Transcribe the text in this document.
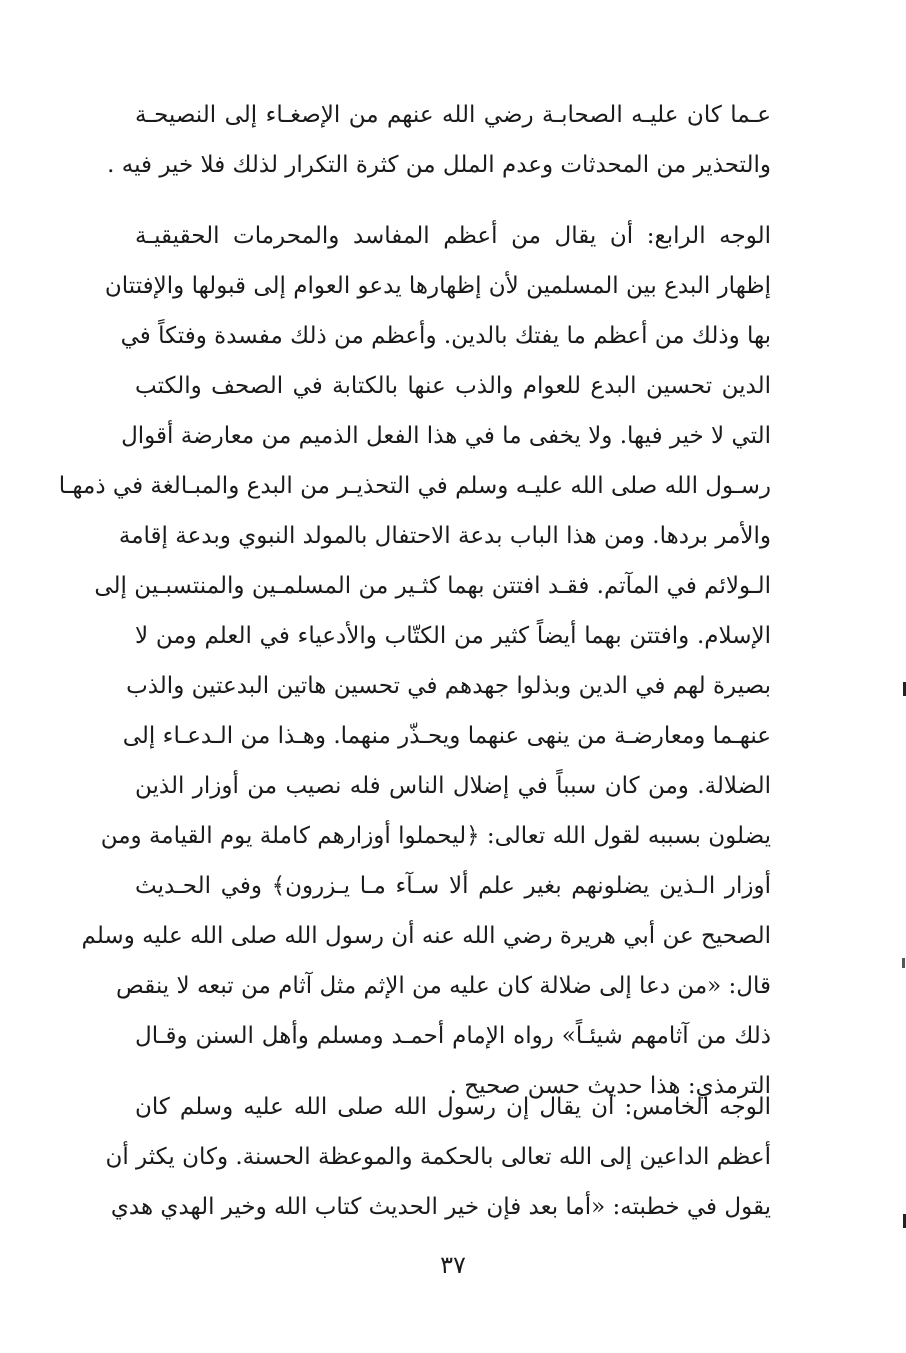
عـما كان عليـه الصحابـة رضي الله عنهم من الإصغـاء إلى النصيحـة
والتحذير من المحدثات وعدم الملل من كثرة التكرار لذلك فلا خير فيه .
الوجه الرابع: أن يقال من أعظم المفاسد والمحرمات الحقيقيـة
إظهار البدع بين المسلمين لأن إظهارها يدعو العوام إلى قبولها والإفتتان
بها وذلك من أعظم ما يفتك بالدين. وأعظم من ذلك مفسدة وفتكاً في
الدين تحسين البدع للعوام والذب عنها بالكتابة في الصحف والكتب
التي لا خير فيها. ولا يخفى ما في هذا الفعل الذميم من معارضة أقوال
رسـول الله صلى الله عليـه وسلم في التحذيـر من البدع والمبـالغة في ذمهـا
والأمر بردها. ومن هذا الباب بدعة الاحتفال بالمولد النبوي وبدعة إقامة
الـولائم في المآتم. فقـد افتتن بهما كثـير من المسلمـين والمنتسبـين إلى
الإسلام. وافتتن بهما أيضاً كثير من الكتّاب والأدعياء في العلم ومن لا
بصيرة لهم في الدين وبذلوا جهدهم في تحسين هاتين البدعتين والذب
عنهـما ومعارضـة من ينهى عنهما ويحـذّر منهما. وهـذا من الـدعـاء إلى
الضلالة. ومن كان سبباً في إضلال الناس فله نصيب من أوزار الذين
يضلون بسببه لقول الله تعالى: ﴿ليحملوا أوزارهم كاملة يوم القيامة ومن
أوزار الـذين يضلونهم بغير علم ألا سـآء مـا يـزرون﴾ وفي الحـديث
الصحيح عن أبي هريرة رضي الله عنه أن رسول الله صلى الله عليه وسلم
قال: «من دعا إلى ضلالة كان عليه من الإثم مثل آثام من تبعه لا ينقص
ذلك من آثامهم شيئـاً» رواه الإمام أحمـد ومسلم وأهل السنن وقـال
الترمذي: هذا حديث حسن صحيح .
الوجه الخامس: أن يقال إن رسول الله صلى الله عليه وسلم كان
أعظم الداعين إلى الله تعالى بالحكمة والموعظة الحسنة. وكان يكثر أن
يقول في خطبته: «أما بعد فإن خير الحديث كتاب الله وخير الهدي هدي
٣٧
